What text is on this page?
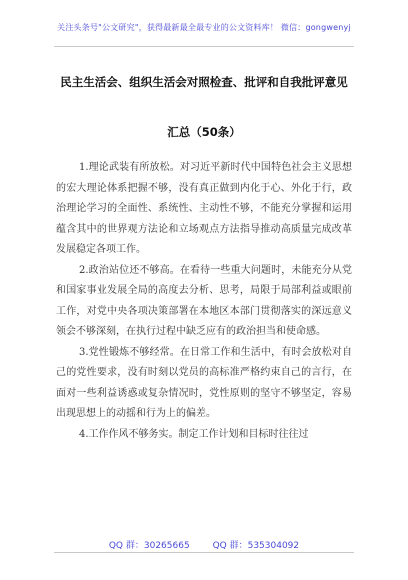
关注头条号"公文研究"，获得最新最全最专业的公文资料库！ 微信：gongwenyj
民主生活会、组织生活会对照检查、批评和自我批评意见
汇总（50条）

1.理论武装有所放松。对习近平新时代中国特色社会主义思想的宏大理论体系把握不够，没有真正做到内化于心、外化于行，政治理论学习的全面性、系统性、主动性不够，不能充分掌握和运用蕴含其中的世界观方法论和立场观点方法指导推动高质量完成改革发展稳定各项工作。

2.政治站位还不够高。在看待一些重大问题时，未能充分从党和国家事业发展全局的高度去分析、思考，局限于局部利益或眼前工作，对党中央各项决策部署在本地区本部门贯彻落实的深远意义领会不够深刻，在执行过程中缺乏应有的政治担当和使命感。

3.党性锻炼不够经常。在日常工作和生活中，有时会放松对自己的党性要求，没有时刻以党员的高标准严格约束自己的言行，在面对一些利益诱惑或复杂情况时，党性原则的坚守不够坚定，容易出现思想上的动摇和行为上的偏差。

4.工作作风不够务实。制定工作计划和目标时往往过

QQ 群：30265665	QQ 群：535304092
